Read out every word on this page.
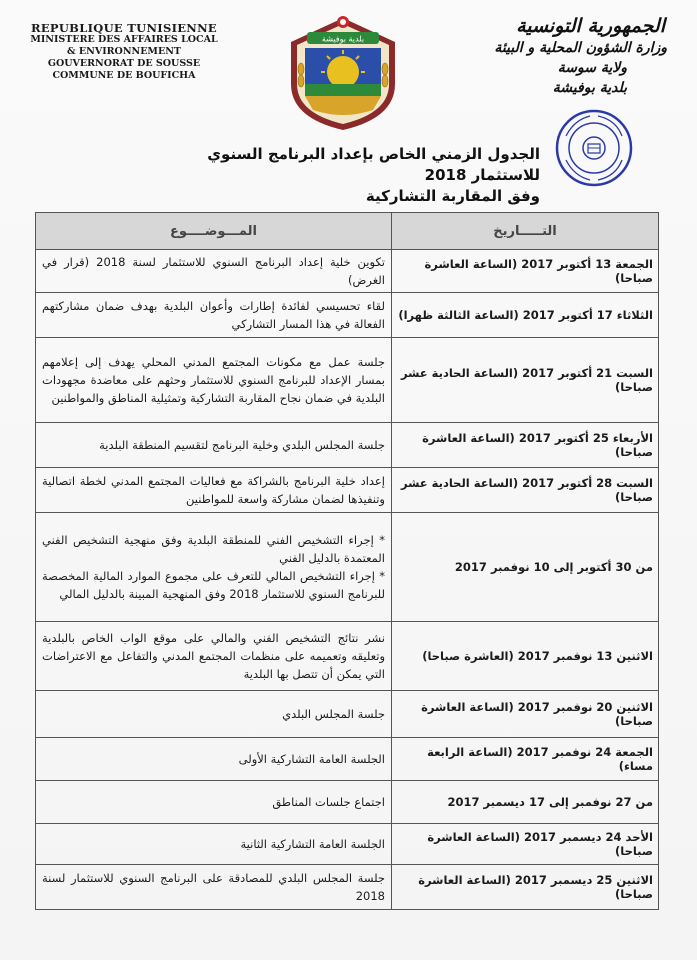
REPUBLIQUE TUNISIENNE
MINISTERE DES AFFAIRES LOCAL
& ENVIRONNEMENT
GOUVERNORAT DE SOUSSE
COMMUNE DE BOUFICHA
بلدية بوفيشة
الجمهورية التونسية
وزارة الشؤون المحلية و البيئة
ولاية سوسة
بلدية بوفيشة
الجدول الزمني الخاص بإعداد البرنامج السنوي للاستثمار 2018
وفق المقاربة التشاركية
التـــــاريخ
المـــوضــــوع
الجمعة 13 أكتوبر 2017 (الساعة العاشرة صباحا)
تكوين خلية إعداد البرنامج السنوي للاستثمار لسنة 2018 (قرار في الغرض)
الثلاثاء 17 أكتوبر 2017 (الساعة الثالثة ظهرا)
لقاء تحسيسي لفائدة إطارات وأعوان البلدية بهدف ضمان مشاركتهم الفعالة في هذا المسار التشاركي
السبت 21 أكتوبر 2017 (الساعة الحادية عشر صباحا)
جلسة عمل مع مكونات المجتمع المدني المحلي يهدف إلى إعلامهم بمسار الإعداد للبرنامج السنوي للاستثمار وحثهم على معاضدة مجهودات البلدية في ضمان نجاح المقاربة التشاركية وتمثيلية المناطق والمواطنين
الأربعاء 25 أكتوبر 2017 (الساعة العاشرة صباحا)
جلسة المجلس البلدي وخلية البرنامج لتقسيم المنطقة البلدية
السبت 28 أكتوبر 2017 (الساعة الحادية عشر صباحا)
إعداد خلية البرنامج بالشراكة مع فعاليات المجتمع المدني لخطة اتصالية وتنفيذها لضمان مشاركة واسعة للمواطنين
من 30 أكتوبر إلى 10 نوفمبر 2017
* إجراء التشخيص الفني للمنطقة البلدية وفق منهجية التشخيص الفني المعتمدة بالدليل الفني
* إجراء التشخيص المالي للتعرف على مجموع الموارد المالية المخصصة للبرنامج السنوي للاستثمار 2018 وفق المنهجية المبينة بالدليل المالي
الاثنين 13 نوفمبر 2017 (العاشرة صباحا)
نشر نتائج التشخيص الفني والمالي على موقع الواب الخاص بالبلدية وتعليقه وتعميمه على منظمات المجتمع المدني والتفاعل مع الاعتراضات التي يمكن أن تتصل بها البلدية
الاثنين 20 نوفمبر 2017 (الساعة العاشرة صباحا)
جلسة المجلس البلدي
الجمعة 24 نوفمبر 2017 (الساعة الرابعة مساء)
الجلسة العامة التشاركية الأولى
من 27 نوفمبر إلى 17 ديسمبر 2017
اجتماع جلسات المناطق
الأحد 24 ديسمبر 2017 (الساعة العاشرة صباحا)
الجلسة العامة التشاركية الثانية
الاثنين 25 ديسمبر 2017 (الساعة العاشرة صباحا)
جلسة المجلس البلدي للمصادقة على البرنامج السنوي للاستثمار لسنة 2018
